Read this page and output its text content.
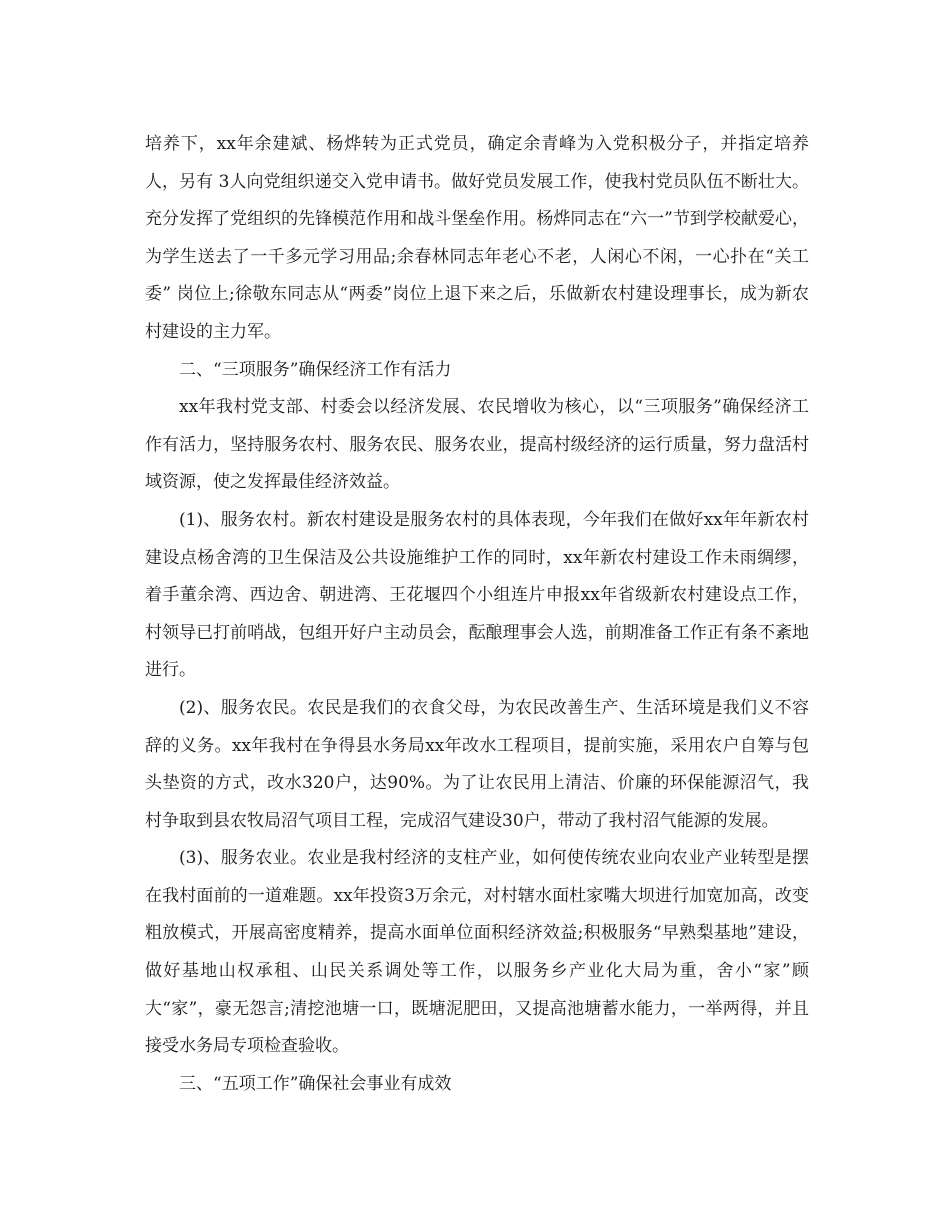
培养下，xx年余建斌、杨烨转为正式党员，确定余青峰为入党积极分子，并指定培养人，另有 3人向党组织递交入党申请书。做好党员发展工作，使我村党员队伍不断壮大。充分发挥了党组织的先锋模范作用和战斗堡垒作用。杨烨同志在“六一”节到学校献爱心，为学生送去了一千多元学习用品;余春林同志年老心不老，人闲心不闲，一心扑在“关工委” 岗位上;徐敬东同志从“两委”岗位上退下来之后，乐做新农村建设理事长，成为新农村建设的主力军。

二、“三项服务”确保经济工作有活力

xx年我村党支部、村委会以经济发展、农民增收为核心，以“三项服务”确保经济工作有活力，坚持服务农村、服务农民、服务农业，提高村级经济的运行质量，努力盘活村域资源，使之发挥最佳经济效益。

(1)、服务农村。新农村建设是服务农村的具体表现，今年我们在做好xx年年新农村建设点杨舍湾的卫生保洁及公共设施维护工作的同时，xx年新农村建设工作未雨绸缪，着手董余湾、西边舍、朝进湾、王花堰四个小组连片申报xx年省级新农村建设点工作，村领导已打前哨战，包组开好户主动员会，酝酿理事会人选，前期准备工作正有条不紊地进行。

(2)、服务农民。农民是我们的衣食父母，为农民改善生产、生活环境是我们义不容辞的义务。xx年我村在争得县水务局xx年改水工程项目，提前实施，采用农户自筹与包头垫资的方式，改水320户，达90%。为了让农民用上清洁、价廉的环保能源沼气，我村争取到县农牧局沼气项目工程，完成沼气建设30户，带动了我村沼气能源的发展。

(3)、服务农业。农业是我村经济的支柱产业，如何使传统农业向农业产业转型是摆在我村面前的一道难题。xx年投资3万余元，对村辖水面杜家嘴大坝进行加宽加高，改变粗放模式，开展高密度精养，提高水面单位面积经济效益;积极服务“早熟梨基地”建设，做好基地山权承租、山民关系调处等工作，以服务乡产业化大局为重，舍小“家”顾大“家”，豪无怨言;清挖池塘一口，既塘泥肥田，又提高池塘蓄水能力，一举两得，并且接受水务局专项检查验收。

三、“五项工作”确保社会事业有成效
